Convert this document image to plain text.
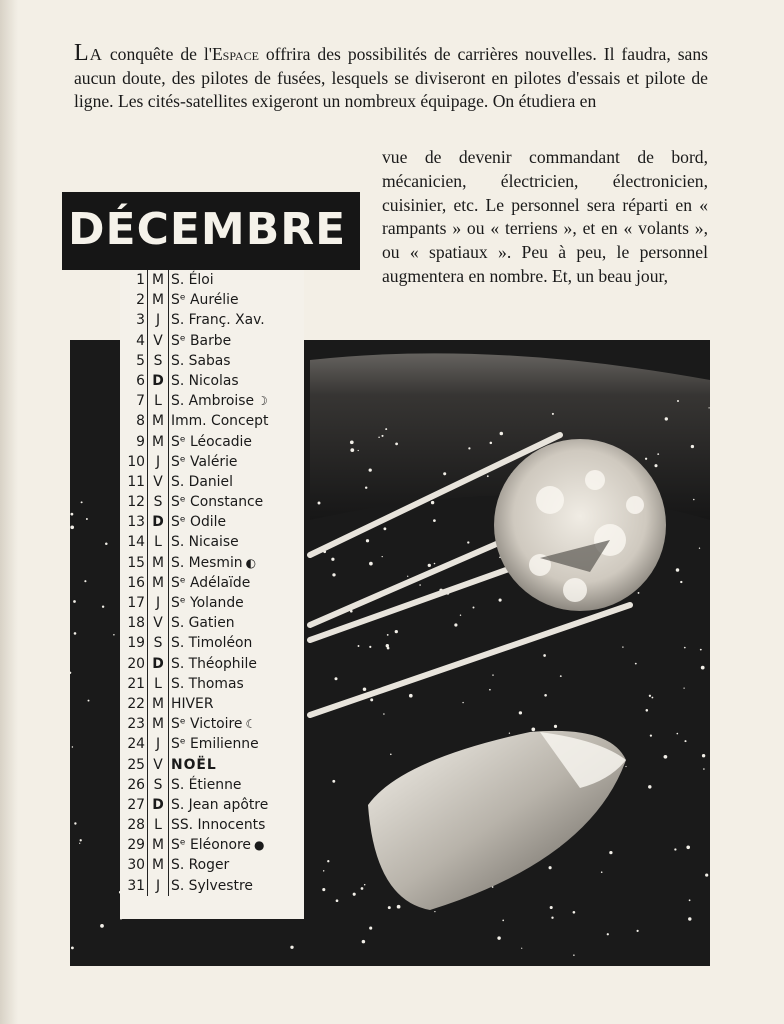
La conquête de l'Espace offrira des possibilités de carrières nouvelles. Il faudra, sans aucun doute, des pilotes de fusées, lesquels se diviseront en pilotes d'essais et pilote de ligne. Les cités-satellites exigeront un nombreux équipage. On étudiera en

vue de devenir commandant de bord, mécanicien, électricien, électronicien, cuisinier, etc. Le personnel sera réparti en « rampants » ou « terriens », et en « volants », ou « spatiaux ». Peu à peu, le personnel augmentera en nombre. Et, un beau jour,

DÉCEMBRE
1 M S. Éloi
2 M Sᵉ Aurélie
3 J S. Franç. Xav.
4 V Sᵉ Barbe
5 S S. Sabas
6 D S. Nicolas
7 L S. Ambroise ☽
8 M Imm. Concept
9 M Sᵉ Léocadie
10 J Sᵉ Valérie
11 V S. Daniel
12 S Sᵉ Constance
13 D Sᵉ Odile
14 L S. Nicaise
15 M S. Mesmin ◐
16 M Sᵉ Adélaïde
17 J Sᵉ Yolande
18 V S. Gatien
19 S S. Timoléon
20 D S. Théophile
21 L S. Thomas
22 M HIVER
23 M Sᵉ Victoire ☾
24 J Sᵉ Emilienne
25 V NOËL
26 S S. Étienne
27 D S. Jean apôtre
28 L SS. Innocents
29 M Sᵉ Eléonore ●
30 M S. Roger
31 J S. Sylvestre
